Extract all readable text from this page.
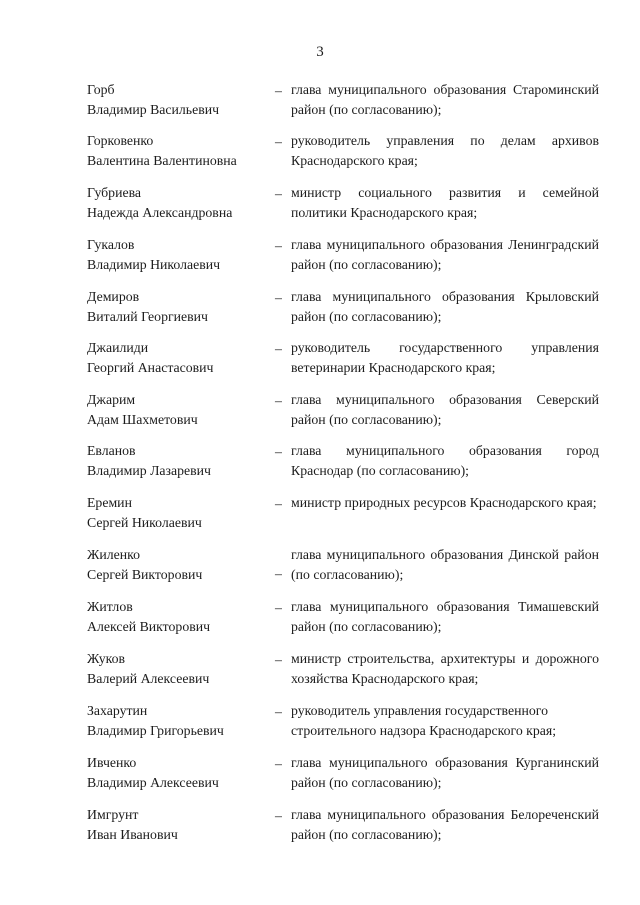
3
Горб
Владимир Васильевич
– глава муниципального образования Староминский район (по согласованию);
Горковенко
Валентина Валентиновна
– руководитель управления по делам архивов Краснодарского края;
Губриева
Надежда Александровна
– министр социального развития и семейной политики Краснодарского края;
Гукалов
Владимир Николаевич
– глава муниципального образования Ленинградский район (по согласованию);
Демиров
Виталий Георгиевич
– глава муниципального образования Крыловский район (по согласованию);
Джаилиди
Георгий Анастасович
– руководитель государственного управления ветеринарии Краснодарского края;
Джарим
Адам Шахметович
– глава муниципального образования Северский район (по согласованию);
Евланов
Владимир Лазаревич
– глава муниципального образования город Краснодар (по согласованию);
Еремин
Сергей Николаевич
– министр природных ресурсов Краснодарского края;
Жиленко
Сергей Викторович	–
глава муниципального образования Динской район (по согласованию);
Житлов
Алексей Викторович
– глава муниципального образования Тимашевский район (по согласованию);
Жуков
Валерий Алексеевич
– министр строительства, архитектуры и дорожного хозяйства Краснодарского края;
Захарутин
Владимир Григорьевич
– руководитель управления государственного строительного надзора Краснодарского края;
Ивченко
Владимир Алексеевич
– глава муниципального образования Курганинский район (по согласованию);
Имгрунт
Иван Иванович
– глава муниципального образования Белореченский район (по согласованию);
